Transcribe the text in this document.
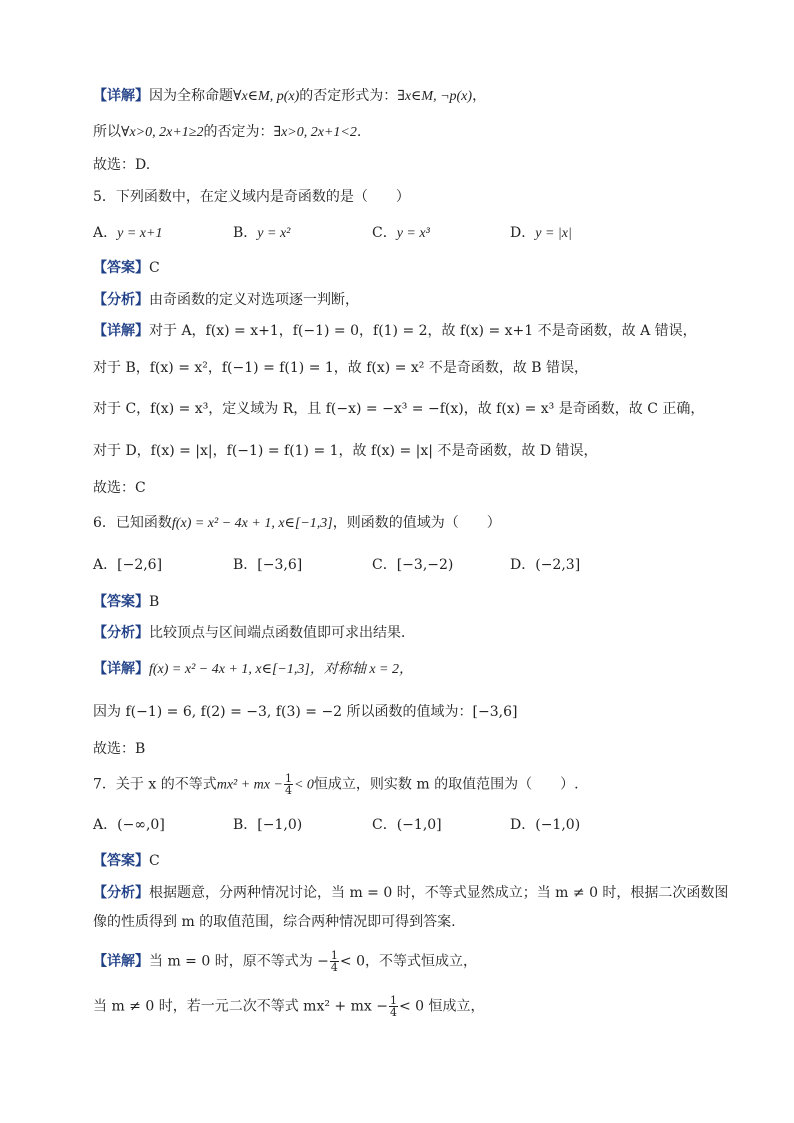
【详解】因为全称命题∀x∈M, p(x)的否定形式为：∃x∈M, ¬p(x)，
所以∀x>0, 2x+1≥2的否定为：∃x>0, 2x+1<2.
故选：D.
5．下列函数中，在定义域内是奇函数的是（　　）
A．y = x+1	B．y = x²	C．y = x³	D．y = |x|
【答案】C
【分析】由奇函数的定义对选项逐一判断，
【详解】对于 A，f(x) = x+1，f(−1) = 0，f(1) = 2，故 f(x) = x+1 不是奇函数，故 A 错误，
对于 B，f(x) = x²，f(−1) = f(1) = 1，故 f(x) = x² 不是奇函数，故 B 错误，
对于 C，f(x) = x³，定义域为 R，且 f(−x) = −x³ = −f(x)，故 f(x) = x³ 是奇函数，故 C 正确，
对于 D，f(x) = |x|，f(−1) = f(1) = 1，故 f(x) = |x| 不是奇函数，故 D 错误，
故选：C
6．已知函数f(x) = x² − 4x + 1, x∈[−1,3]，则函数的值域为（　　）
A．[−2,6]	B．[−3,6]	C．[−3,−2)	D．(−2,3]
【答案】B
【分析】比较顶点与区间端点函数值即可求出结果．
【详解】f(x) = x² − 4x + 1, x∈[−1,3]，对称轴 x = 2，
因为 f(−1) = 6, f(2) = −3, f(3) = −2 所以函数的值域为：[−3,6]
故选：B
7．关于 x 的不等式mx² + mx − $\frac{1}{4} < 0$恒成立，则实数 m 的取值范围为（　　）.
A．(−∞,0]	B．[−1,0)	C．(−1,0]	D．(−1,0)
【答案】C
【分析】根据题意，分两种情况讨论，当 m = 0 时，不等式显然成立；当 m ≠ 0 时，根据二次函数图
像的性质得到 m 的取值范围，综合两种情况即可得到答案.
【详解】当 m = 0 时，原不等式为 − $\frac{1}{4} < 0$，不等式恒成立，
当 m ≠ 0 时，若一元二次不等式 mx² + mx − $\frac{1}{4} < 0$ 恒成立，
